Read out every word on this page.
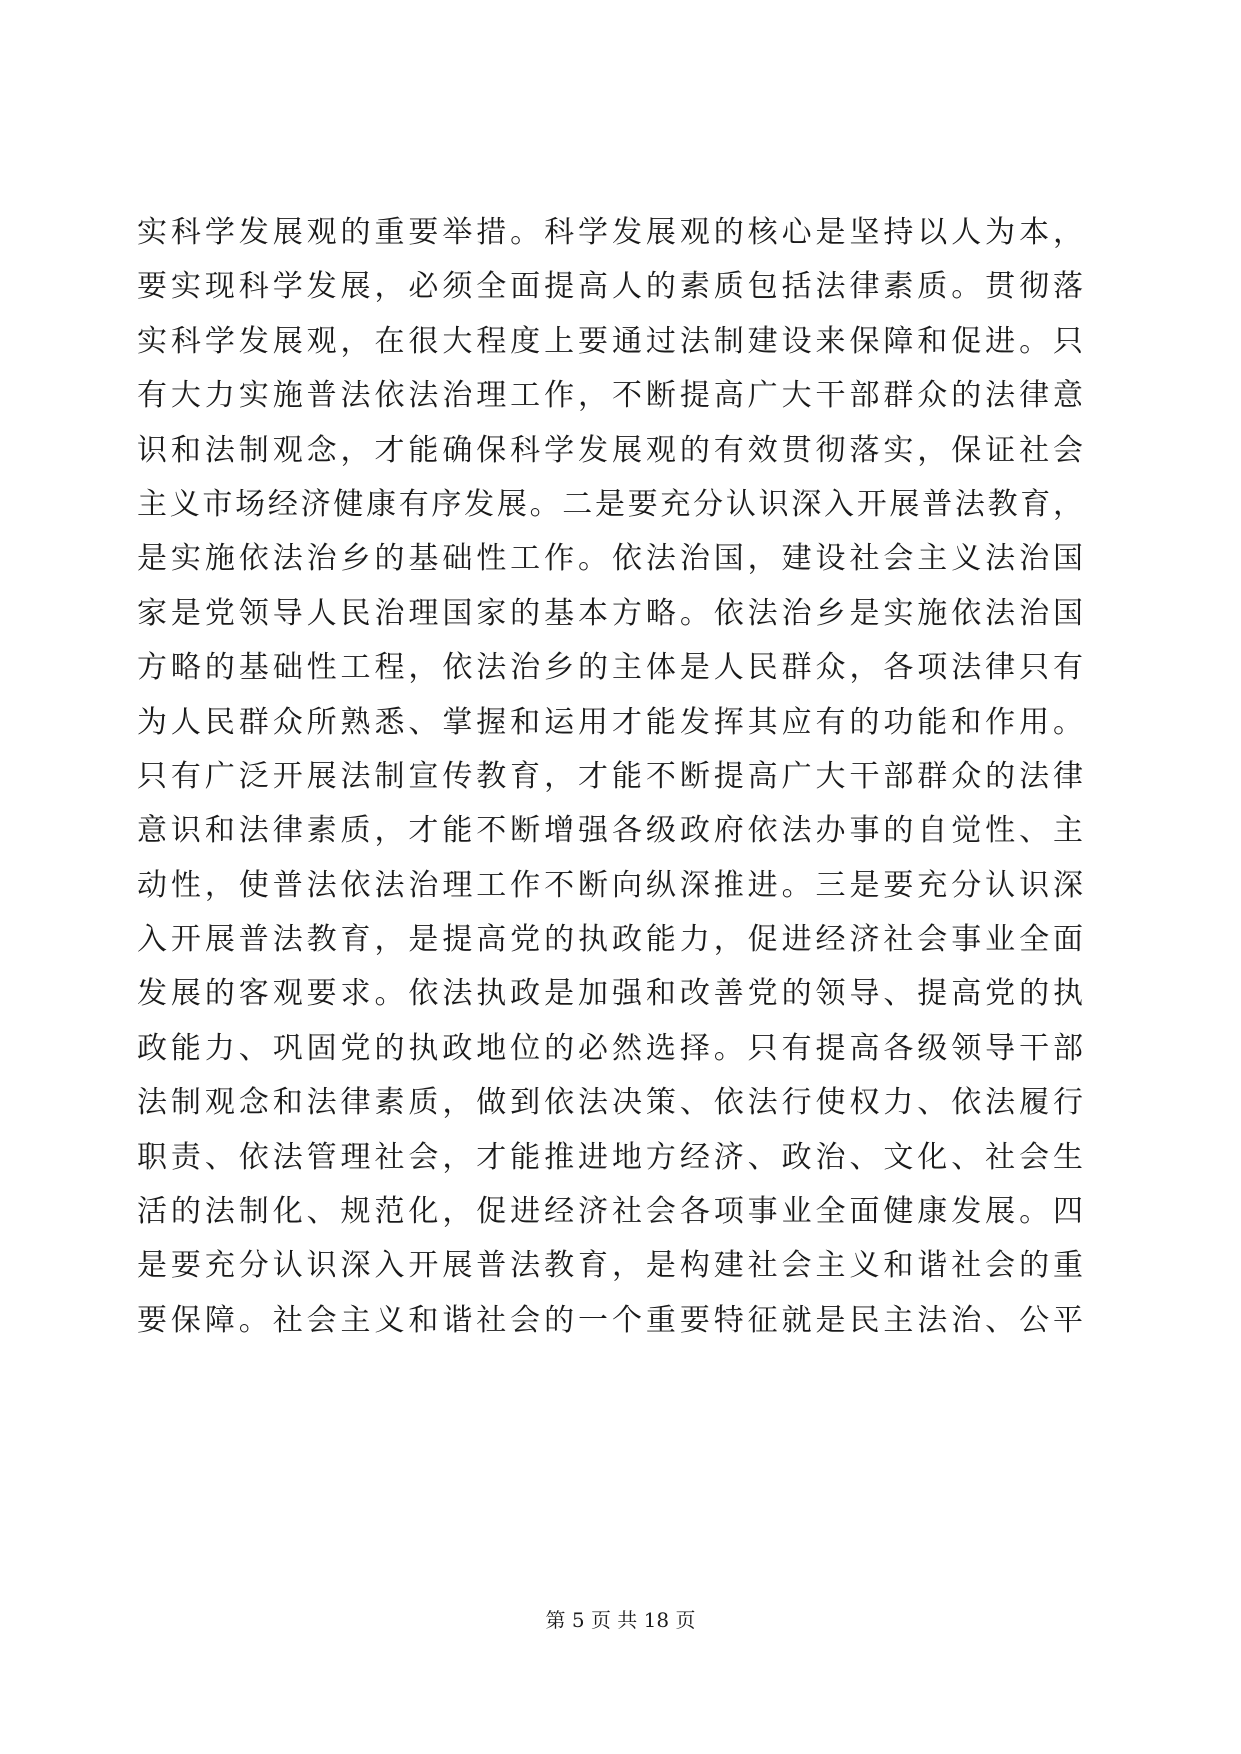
实科学发展观的重要举措。科学发展观的核心是坚持以人为本，
要实现科学发展，必须全面提高人的素质包括法律素质。贯彻落
实科学发展观，在很大程度上要通过法制建设来保障和促进。只
有大力实施普法依法治理工作，不断提高广大干部群众的法律意
识和法制观念，才能确保科学发展观的有效贯彻落实，保证社会
主义市场经济健康有序发展。二是要充分认识深入开展普法教育，
是实施依法治乡的基础性工作。依法治国，建设社会主义法治国
家是党领导人民治理国家的基本方略。依法治乡是实施依法治国
方略的基础性工程，依法治乡的主体是人民群众，各项法律只有
为人民群众所熟悉、掌握和运用才能发挥其应有的功能和作用。
只有广泛开展法制宣传教育，才能不断提高广大干部群众的法律
意识和法律素质，才能不断增强各级政府依法办事的自觉性、主
动性，使普法依法治理工作不断向纵深推进。三是要充分认识深
入开展普法教育，是提高党的执政能力，促进经济社会事业全面
发展的客观要求。依法执政是加强和改善党的领导、提高党的执
政能力、巩固党的执政地位的必然选择。只有提高各级领导干部
法制观念和法律素质，做到依法决策、依法行使权力、依法履行
职责、依法管理社会，才能推进地方经济、政治、文化、社会生
活的法制化、规范化，促进经济社会各项事业全面健康发展。四
是要充分认识深入开展普法教育，是构建社会主义和谐社会的重
要保障。社会主义和谐社会的一个重要特征就是民主法治、公平
第 5 页 共 18 页
